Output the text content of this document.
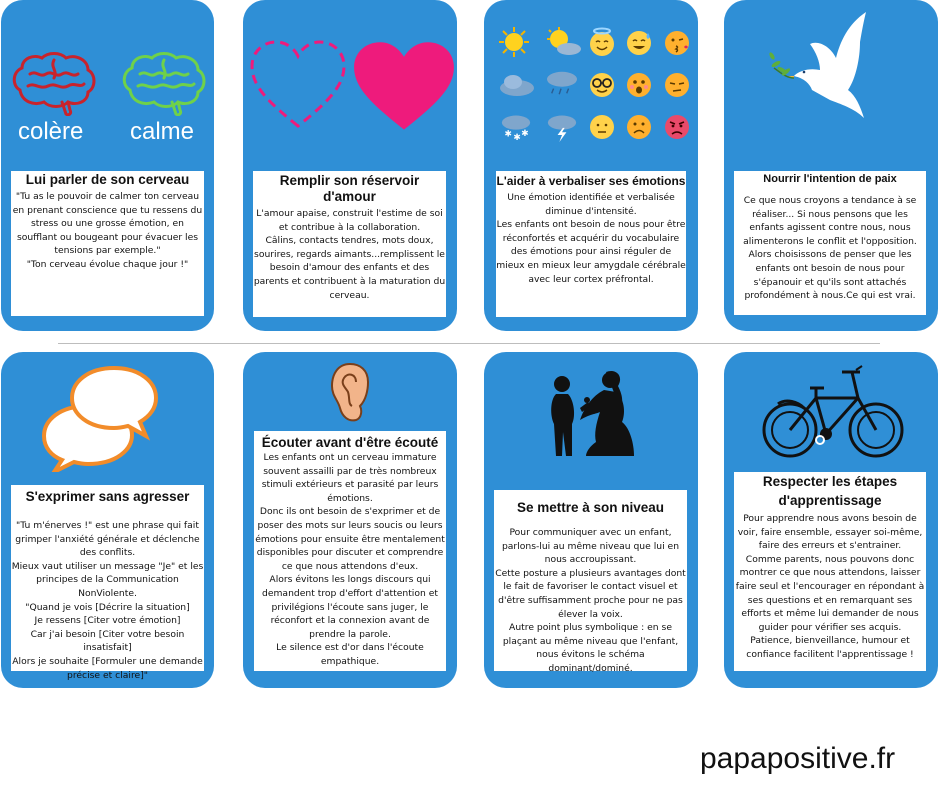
colère calme	✱ ✱ ✱
Lui parler de son cerveau
"Tu as le pouvoir de calmer ton cerveau en prenant conscience que tu ressens du stress ou une grosse émotion, en soufflant ou bougeant pour évacuer les tensions par exemple."
"Ton cerveau évolue chaque jour !"
Remplir son réservoir d'amour
L'amour apaise, construit l'estime de soi et contribue à la collaboration.
Câlins, contacts tendres, mots doux, sourires, regards aimants...remplissent le besoin d'amour des enfants et des parents et contribuent à la maturation du cerveau.
L'aider à verbaliser ses émotions
Une émotion identifiée et verbalisée diminue d'intensité.
Les enfants ont besoin de nous pour être réconfortés et acquérir du vocabulaire des émotions pour ainsi réguler de mieux en mieux leur amygdale cérébrale avec leur cortex préfrontal.
Nourrir l'intention de paix
Ce que nous croyons a tendance à se réaliser... Si nous pensons que les enfants agissent contre nous, nous alimenterons le conflit et l'opposition.
Alors choisissons de penser que les enfants ont besoin de nous pour s'épanouir et qu'ils sont attachés profondément à nous.Ce qui est vrai.
S'exprimer sans agresser
"Tu m'énerves !" est une phrase qui fait grimper l'anxiété générale et déclenche des conflits.
Mieux vaut utiliser un message "Je" et les principes de la Communication NonViolente.
"Quand je vois [Décrire la situation]
Je ressens [Citer votre émotion]
Car j'ai besoin [Citer votre besoin insatisfait]
Alors je souhaite [Formuler une demande précise et claire]"
Écouter avant d'être écouté
Les enfants ont un cerveau immature souvent assailli par de très nombreux stimuli extérieurs et parasité par leurs émotions.
Donc ils ont besoin de s'exprimer et de poser des mots sur leurs soucis ou leurs émotions pour ensuite être mentalement disponibles pour discuter et comprendre ce que nous attendons d'eux.
Alors évitons les longs discours qui demandent trop d'effort d'attention et privilégions l'écoute sans juger, le réconfort et la connexion avant de prendre la parole.
Le silence est d'or dans l'écoute empathique.
Se mettre à son niveau
Pour communiquer avec un enfant, parlons-lui au même niveau que lui en nous accroupissant.
Cette posture a plusieurs avantages dont le fait de favoriser le contact visuel et d'être suffisamment proche pour ne pas élever la voix.
Autre point plus symbolique : en se plaçant au même niveau que l'enfant, nous évitons le schéma dominant/dominé.
Respecter les étapes d'apprentissage
Pour apprendre nous avons besoin de voir, faire ensemble, essayer soi-même, faire des erreurs et s'entrainer.
Comme parents, nous pouvons donc montrer ce que nous attendons, laisser faire seul et l'encourager en répondant à ses questions et en remarquant ses efforts et même lui demander de nous guider pour vérifier ses acquis.
Patience, bienveillance, humour et confiance facilitent l'apprentissage !
papapositive.fr
